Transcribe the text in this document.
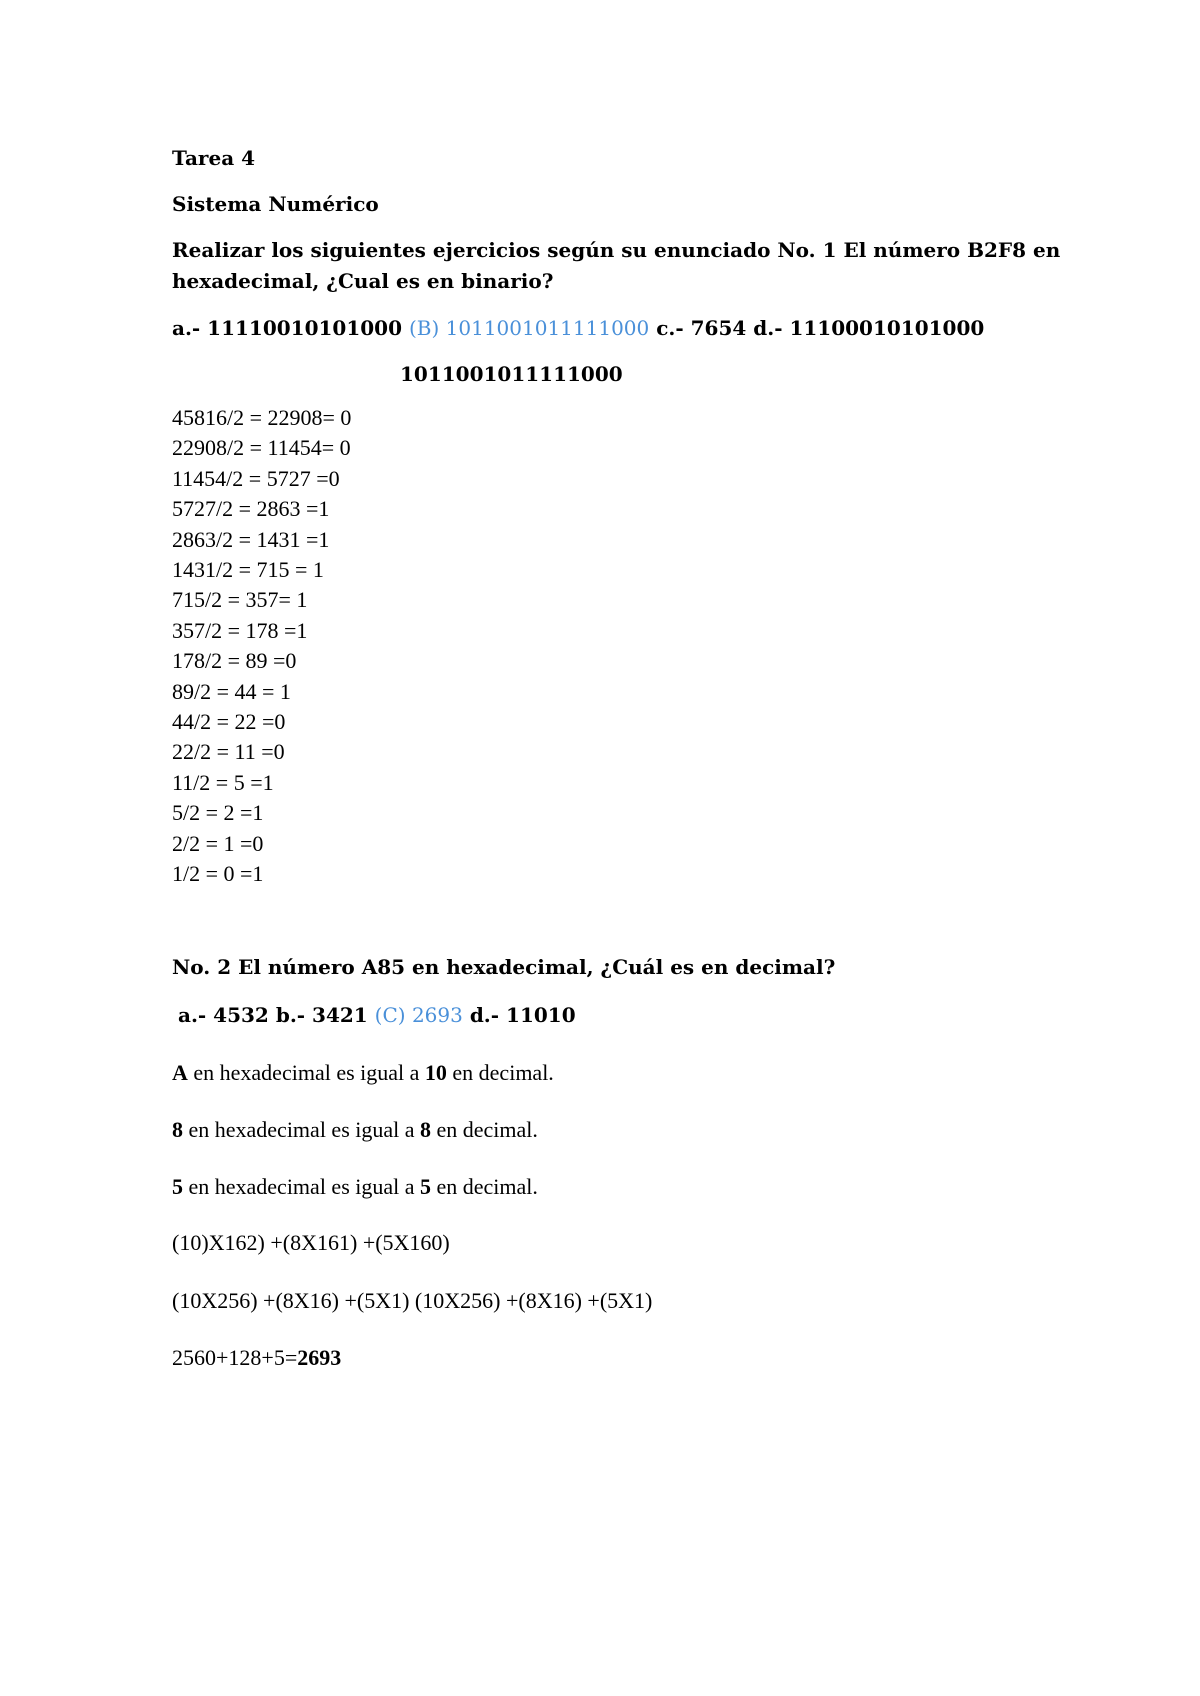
Tarea 4
Sistema Numérico
Realizar los siguientes ejercicios según su enunciado No. 1 El número B2F8 en
hexadecimal, ¿Cual es en binario?
a.- 11110010101000 (B) 1011001011111000 c.- 7654 d.- 11100010101000
1011001011111000
45816/2 = 22908= 0
22908/2 = 11454= 0
11454/2 = 5727 =0
5727/2 = 2863 =1
2863/2 = 1431 =1
1431/2 = 715 = 1
715/2 = 357= 1
357/2 = 178 =1
178/2 = 89 =0
89/2 = 44 = 1
44/2 = 22 =0
22/2 = 11 =0
11/2 = 5 =1
5/2 = 2 =1
2/2 = 1 =0
1/2 = 0 =1
No. 2 El número A85 en hexadecimal, ¿Cuál es en decimal?
a.- 4532 b.- 3421 (C) 2693 d.- 11010
A en hexadecimal es igual a 10 en decimal.
8 en hexadecimal es igual a 8 en decimal.
5 en hexadecimal es igual a 5 en decimal.
(10)X162) +(8X161) +(5X160)
(10X256) +(8X16) +(5X1) (10X256) +(8X16) +(5X1)
2560+128+5=2693
